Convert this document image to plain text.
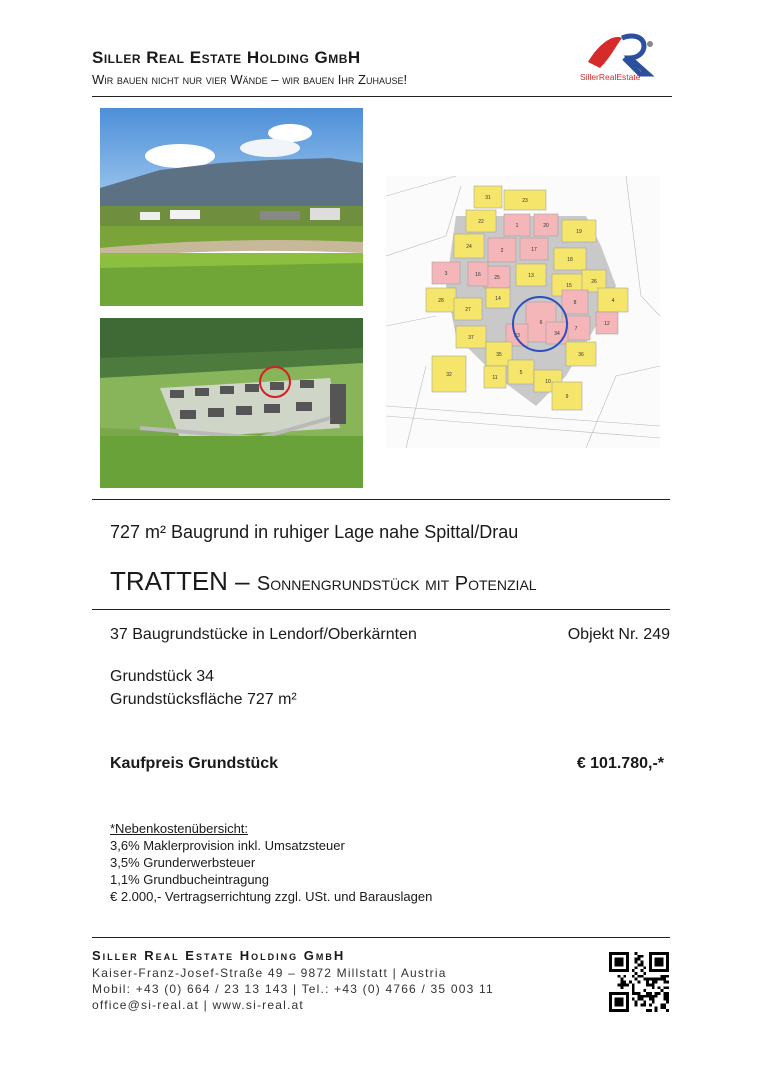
Siller Real Estate Holding GmbH
Wir bauen nicht nur vier Wände – wir bauen Ihr Zuhause!	SillerRealEstate
31	23
22
1	20
19
24
2	17
18
25
16	13
3
14
15
26
28	4
8
27
37
6
7
34
36
33
35
32	5
10
11
9
12
727 m² Baugrund in ruhiger Lage nahe Spittal/Drau
TRATTEN – Sonnengrundstück mit Potenzial
37 Baugrundstücke in Lendorf/Oberkärnten	Objekt Nr. 249
Grundstück 34
Grundstücksfläche 727 m²
Kaufpreis Grundstück	€ 101.780,-*
*Nebenkostenübersicht:
3,6% Maklerprovision inkl. Umsatzsteuer
3,5% Grunderwerbsteuer
1,1% Grundbucheintragung
€ 2.000,- Vertragserrichtung zzgl. USt. und Barauslagen
Siller Real Estate Holding GmbH
Kaiser-Franz-Josef-Straße 49 – 9872 Millstatt | Austria
Mobil: +43 (0) 664 / 23 13 143 | Tel.: +43 (0) 4766 / 35 003 11
office@si-real.at | www.si-real.at
